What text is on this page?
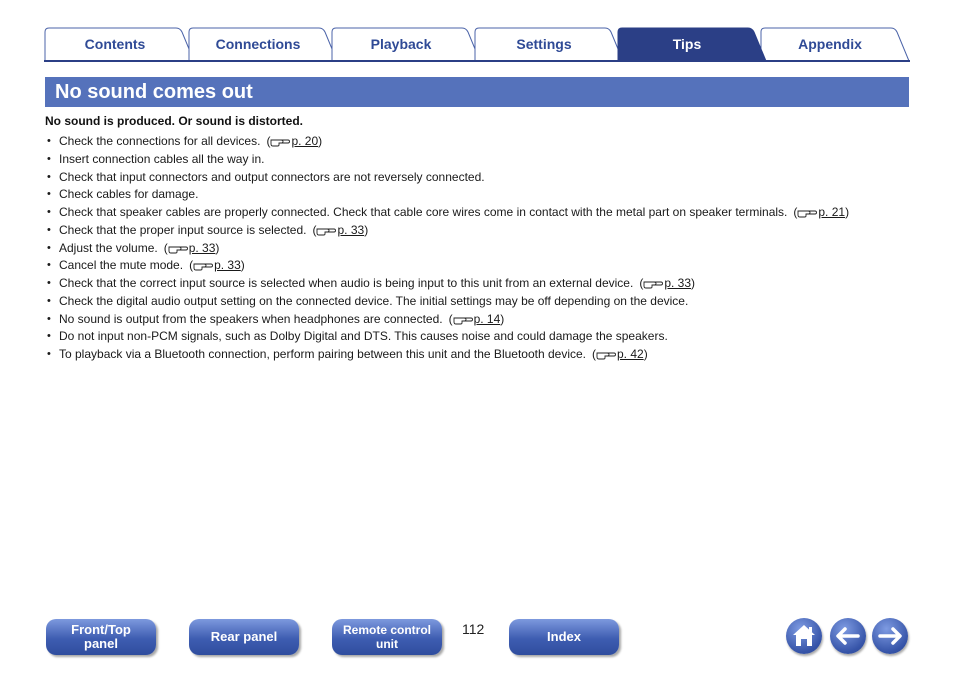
Contents	Connections	Playback	Settings	Tips	Appendix
No sound comes out
No sound is produced. Or sound is distorted.
• Check the connections for all devices. ( p. 20)
• Insert connection cables all the way in.
• Check that input connectors and output connectors are not reversely connected.
• Check cables for damage.
• Check that speaker cables are properly connected. Check that cable core wires come in contact with the metal part on speaker terminals. ( p. 21)
• Check that the proper input source is selected. ( p. 33)
• Adjust the volume. ( p. 33)
• Cancel the mute mode. ( p. 33)
• Check that the correct input source is selected when audio is being input to this unit from an external device. ( p. 33)
• Check the digital audio output setting on the connected device. The initial settings may be off depending on the device.
• No sound is output from the speakers when headphones are connected. ( p. 14)
• Do not input non-PCM signals, such as Dolby Digital and DTS. This causes noise and could damage the speakers.
• To playback via a Bluetooth connection, perform pairing between this unit and the Bluetooth device. ( p. 42)
Front/Top
panel	Rear panel	Remote control
unit
112	Index
